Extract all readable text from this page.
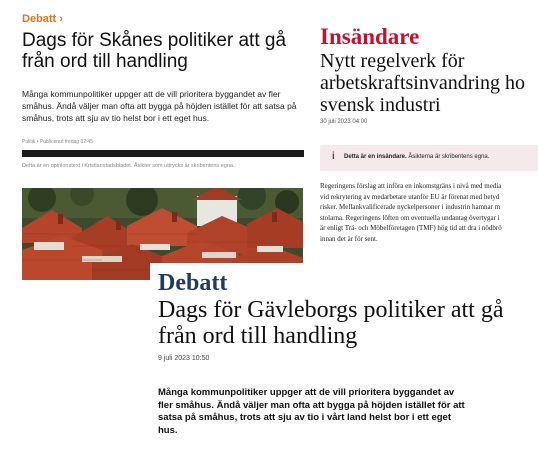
Debatt ›
Dags för Skånes politiker att gå från ord till handling
Många kommunpolitiker uppger att de vill prioritera byggandet av fler småhus. Ändå väljer man ofta att bygga på höjden istället för att satsa på småhus, trots att sju av tio helst bor i ett eget hus.
Politik • Publicerad fredag 02:45
Detta är en opinionstext i Kristianstadsbladet. Åsikter som uttrycks är skribentens egna.
Insändare
Nytt regelverk för
arbetskraftsinvandring ho
svensk industri
30 juli 2023 04:00
i Detta är en insändare. Åsikterna är skribentens egna.
Regeringens förslag att införa en inkomstgräns i nivå med media
vid rekrytering av medarbetare utanför EU är förenat med betyd
risker. Mellankvalificerade nyckelpersoner i industrin hamnar m
stolarna. Regeringens löften om eventuella undantag övertygar i
är enligt Trä- och Möbelföretagen (TMF) hög tid att dra i nödbrö
innan det är för sent.
Debatt
Dags för Gävleborgs politiker att gå från ord till handling
9 juli 2023 10:50
Många kommunpolitiker uppger att de vill prioritera byggandet av fler småhus. Ändå väljer man ofta att bygga på höjden istället för att satsa på småhus, trots att sju av tio i vårt land helst bor i ett eget hus.
